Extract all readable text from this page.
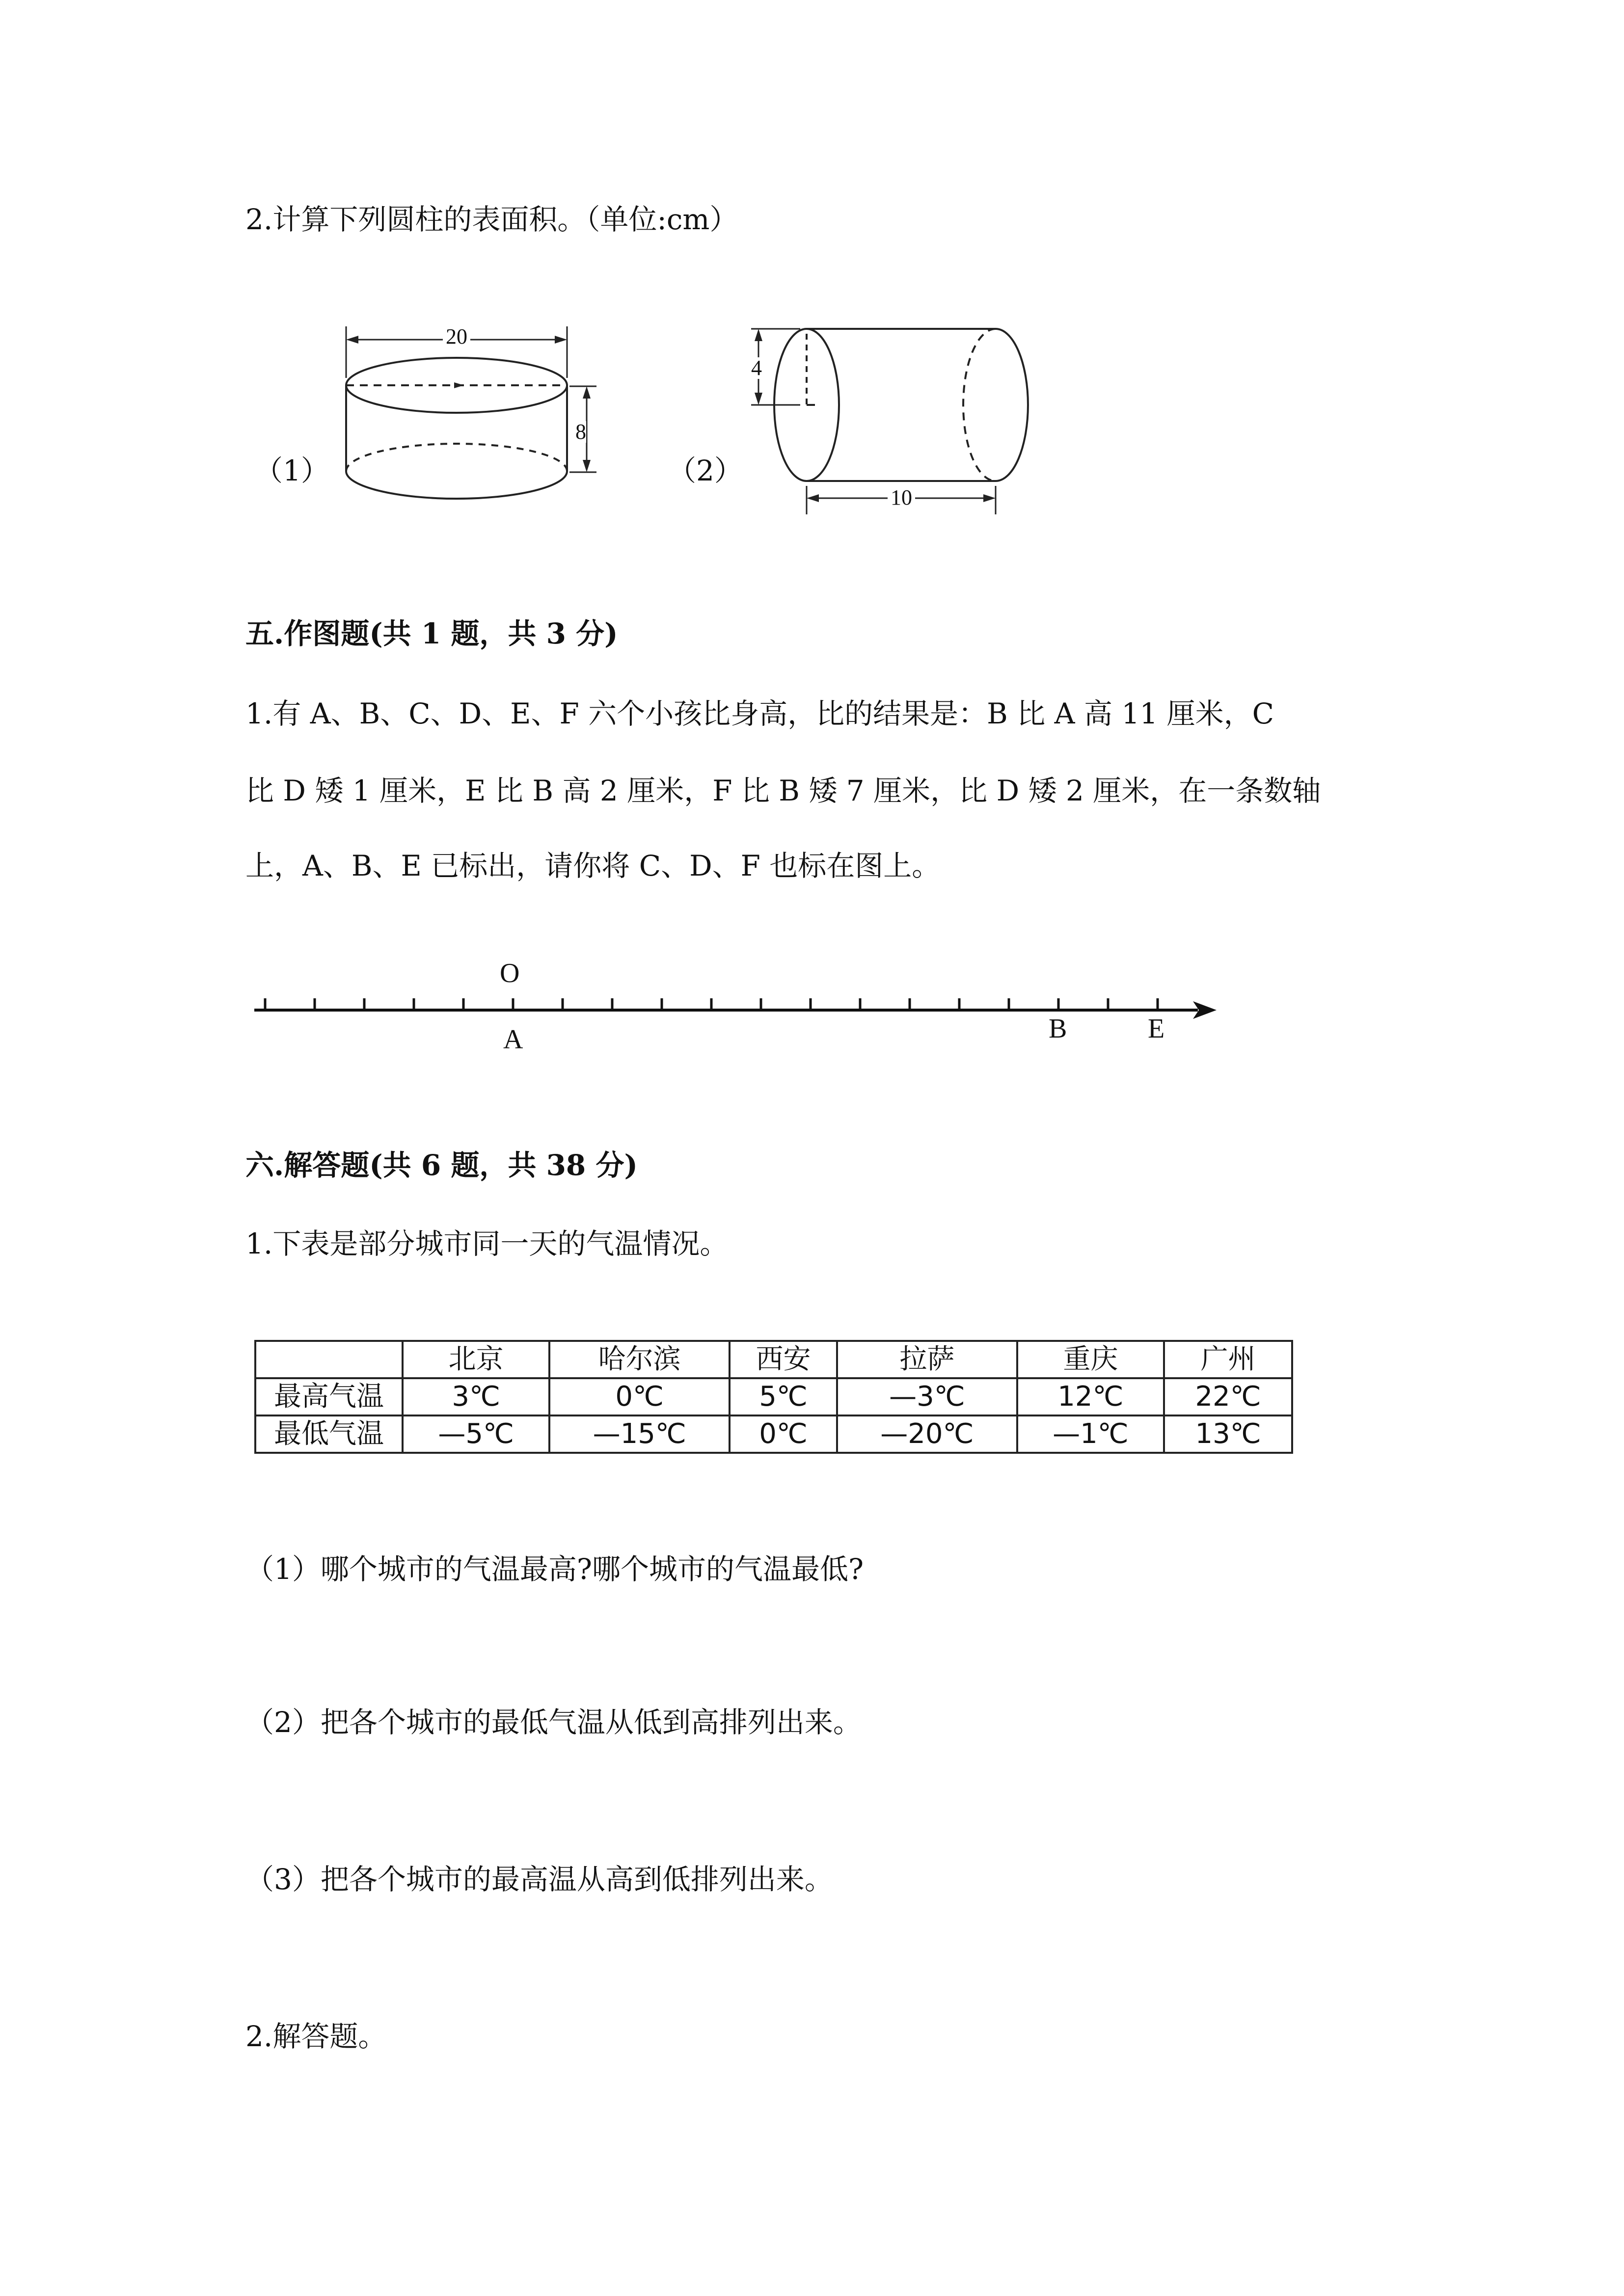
2.计算下列圆柱的表面积。（单位:cm）
（1）
20
8
（2）
4
10
五.作图题(共 1 题，共 3 分)
1.有 A、B、C、D、E、F 六个小孩比身高，比的结果是：B 比 A 高 11 厘米，C
比 D 矮 1 厘米，E 比 B 高 2 厘米，F 比 B 矮 7 厘米，比 D 矮 2 厘米，在一条数轴
上，A、B、E 已标出，请你将 C、D、F 也标在图上。
O
A	B	E
六.解答题(共 6 题，共 38 分)
1.下表是部分城市同一天的气温情况。
	北京	哈尔滨	西安	拉萨	重庆	广州
最高气温	3℃	0℃	5℃	—3℃	12℃	22℃
最低气温	—5℃	—15℃	0℃	—20℃	—1℃	13℃
（1）哪个城市的气温最高?哪个城市的气温最低?
（2）把各个城市的最低气温从低到高排列出来。
（3）把各个城市的最高温从高到低排列出来。
2.解答题。
